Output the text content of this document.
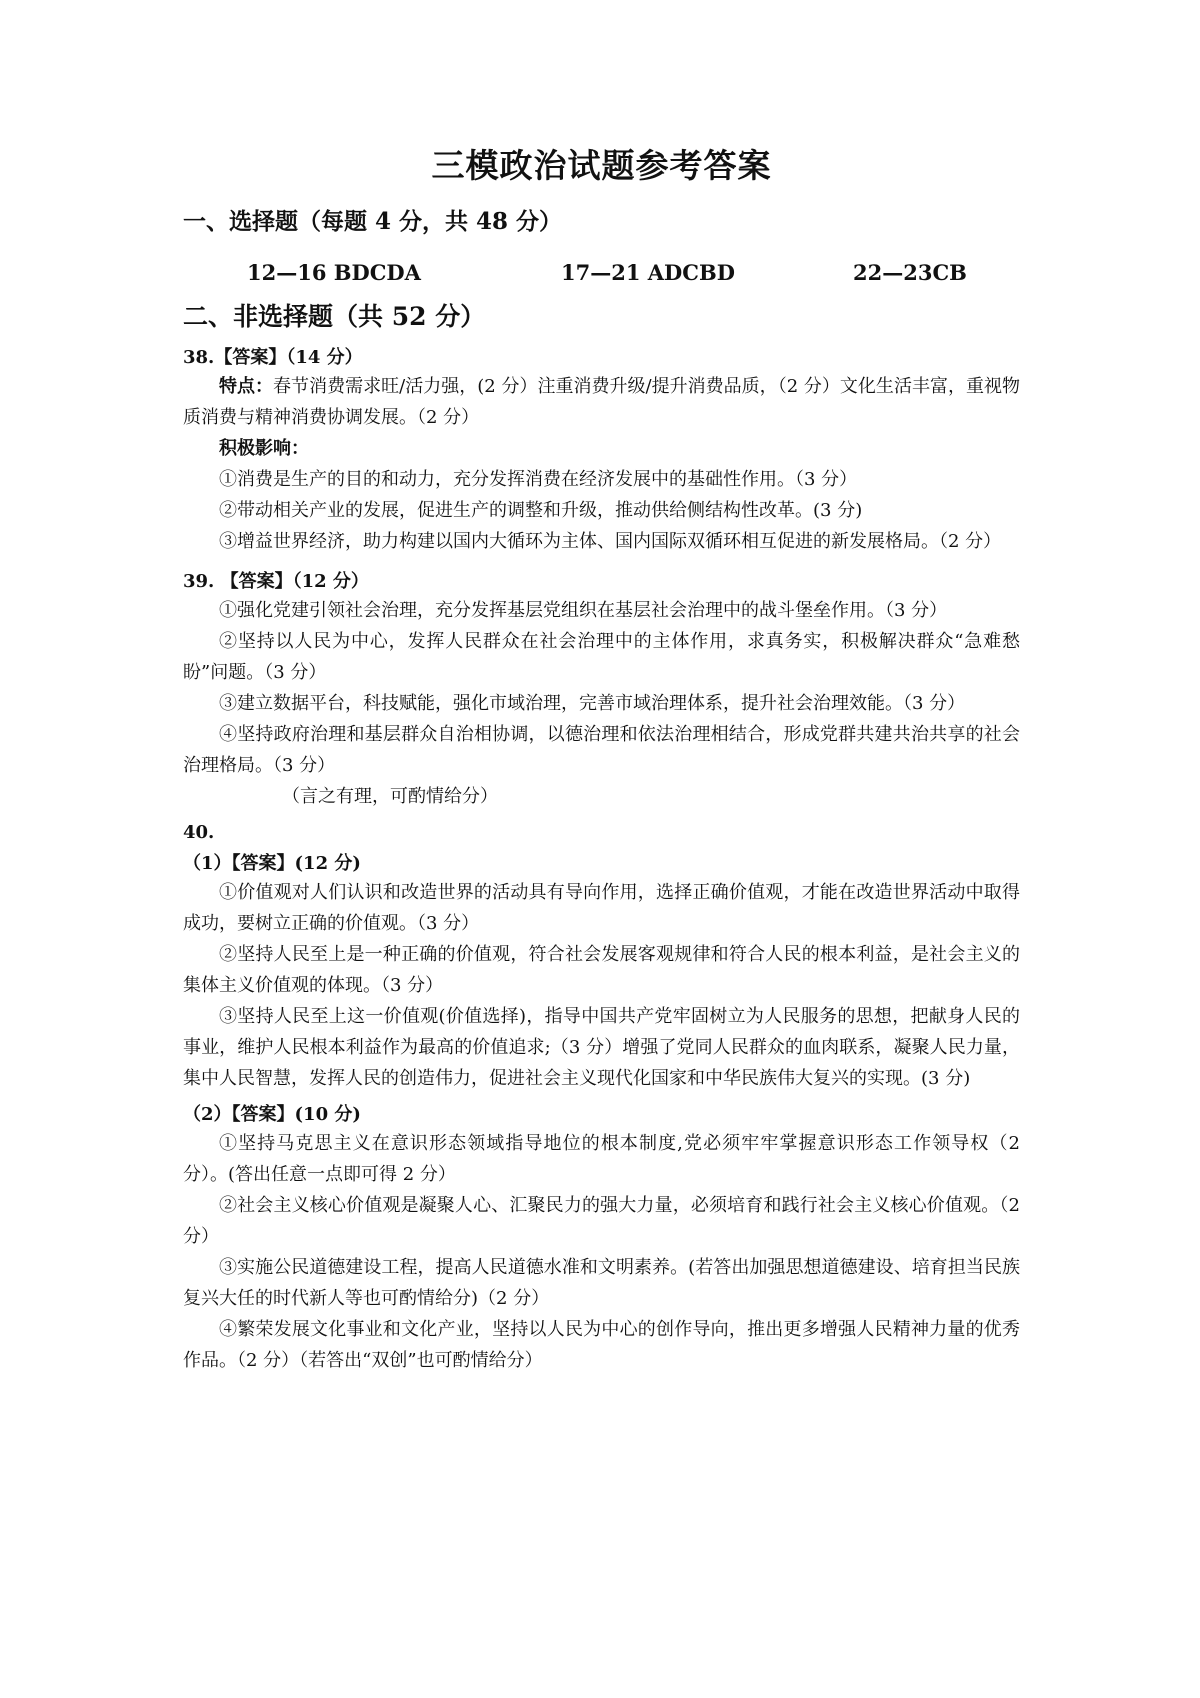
三模政治试题参考答案
一、选择题（每题 4 分，共 48 分）
12—16 BDCDA	17—21 ADCBD	22—23CB
二、非选择题（共 52 分）
38.【答案】（14 分）

特点：春节消费需求旺/活力强，(2 分）注重消费升级/提升消费品质，（2 分）文化生活丰富，重视物质消费与精神消费协调发展。（2 分）

积极影响：

①消费是生产的目的和动力，充分发挥消费在经济发展中的基础性作用。（3 分）

②带动相关产业的发展，促进生产的调整和升级，推动供给侧结构性改革。(3 分)

③增益世界经济，助力构建以国内大循环为主体、国内国际双循环相互促进的新发展格局。（2 分）

39. 【答案】（12 分）

①强化党建引领社会治理，充分发挥基层党组织在基层社会治理中的战斗堡垒作用。（3 分）

②坚持以人民为中心，发挥人民群众在社会治理中的主体作用，求真务实，积极解决群众“急难愁盼”问题。（3 分）

③建立数据平台，科技赋能，强化市域治理，完善市域治理体系，提升社会治理效能。（3 分）

④坚持政府治理和基层群众自治相协调，以德治理和依法治理相结合，形成党群共建共治共享的社会治理格局。（3 分）

（言之有理，可酌情给分）

40.
（1）【答案】(12 分)

①价值观对人们认识和改造世界的活动具有导向作用，选择正确价值观，才能在改造世界活动中取得成功，要树立正确的价值观。（3 分）

②坚持人民至上是一种正确的价值观，符合社会发展客观规律和符合人民的根本利益，是社会主义的集体主义价值观的体现。（3 分）

③坚持人民至上这一价值观(价值选择)，指导中国共产党牢固树立为人民服务的思想，把献身人民的事业，维护人民根本利益作为最高的价值追求;（3 分）增强了党同人民群众的血肉联系，凝聚人民力量，集中人民智慧，发挥人民的创造伟力，促进社会主义现代化国家和中华民族伟大复兴的实现。(3 分)

（2）【答案】(10 分)

①坚持马克思主义在意识形态领域指导地位的根本制度,党必须牢牢掌握意识形态工作领导权（2 分）。(答出任意一点即可得 2 分）

②社会主义核心价值观是凝聚人心、汇聚民力的强大力量，必须培育和践行社会主义核心价值观。（2 分）

③实施公民道德建设工程，提高人民道德水准和文明素养。(若答出加强思想道德建设、培育担当民族复兴大任的时代新人等也可酌情给分)（2 分）

④繁荣发展文化事业和文化产业，坚持以人民为中心的创作导向，推出更多增强人民精神力量的优秀作品。（2 分）（若答出“双创”也可酌情给分）
